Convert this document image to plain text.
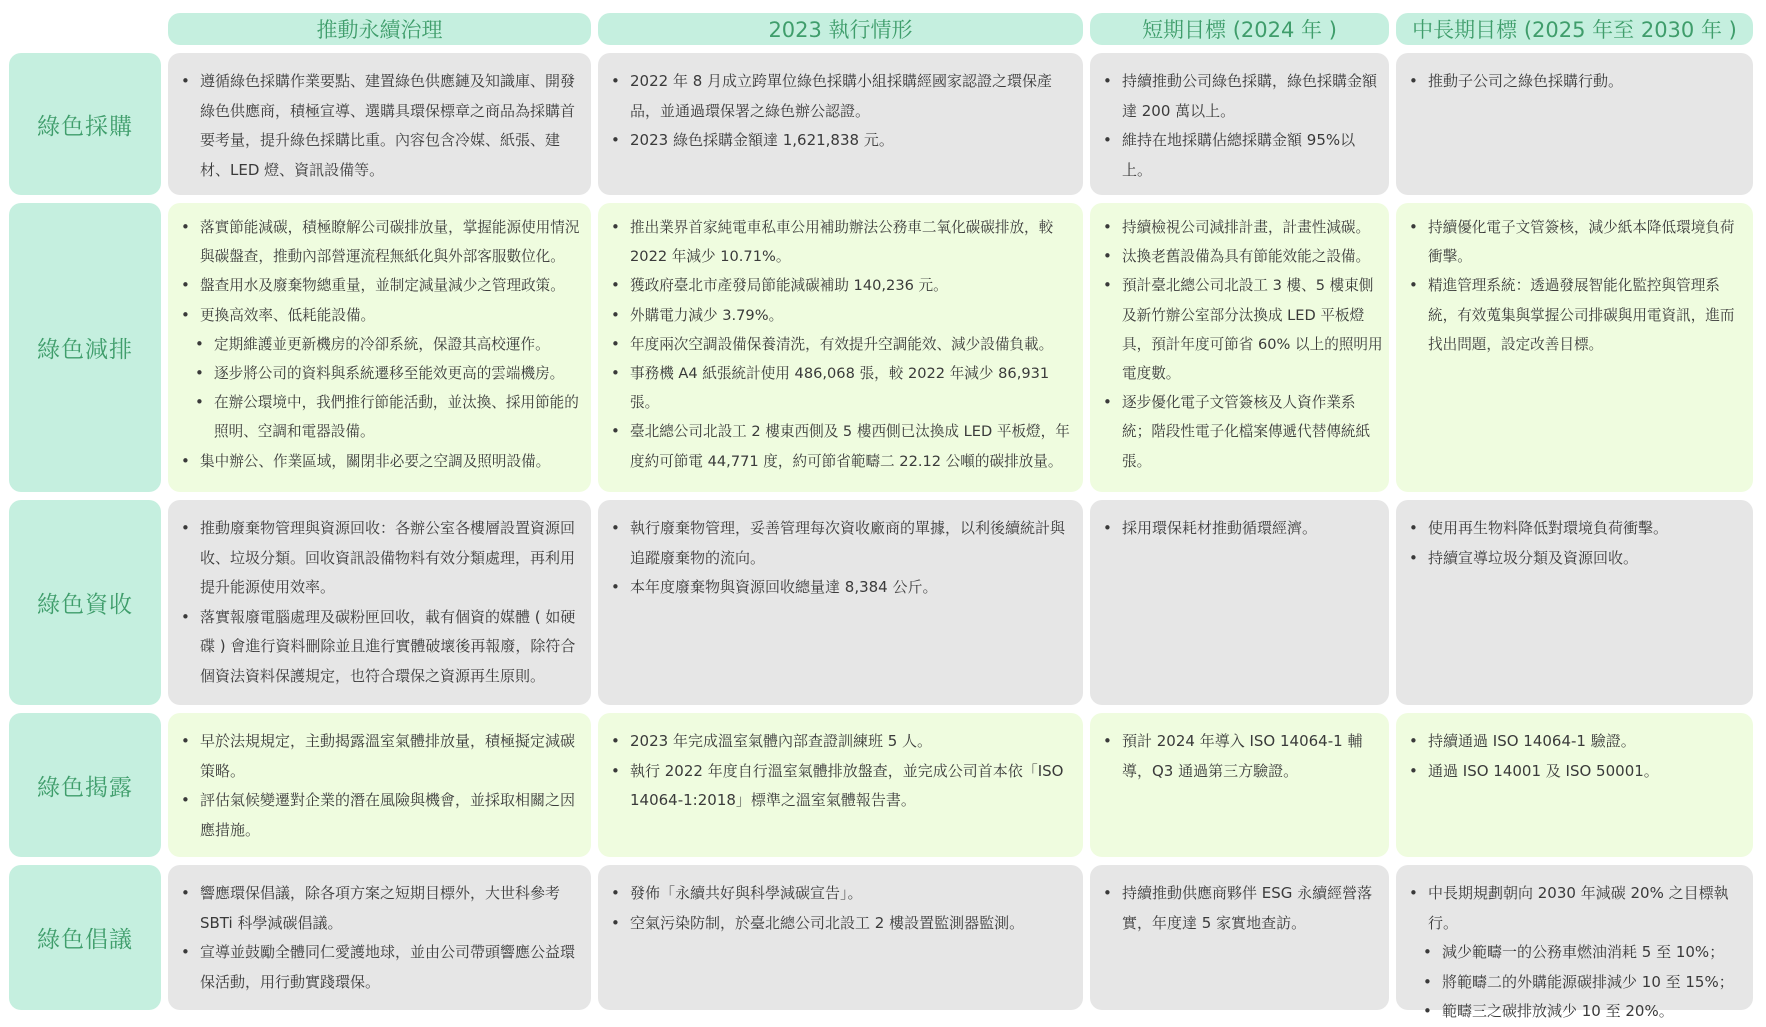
推動永續治理	2023 執行情形	短期目標 (2024 年 )	中長期目標 (2025 年至 2030 年 )
綠色採購
• 遵循綠色採購作業要點、建置綠色供應鏈及知識庫、開發綠色供應商，積極宣導、選購具環保標章之商品為採購首要考量，提升綠色採購比重。內容包含冷媒、紙張、建材、LED 燈、資訊設備等。
• 2022 年 8 月成立跨單位綠色採購小組採購經國家認證之環保產品，並通過環保署之綠色辦公認證。
• 2023 綠色採購金額達 1,621,838 元。
• 持續推動公司綠色採購，綠色採購金額達 200 萬以上。
• 維持在地採購佔總採購金額 95%以上。
• 推動子公司之綠色採購行動。
綠色減排
• 落實節能減碳，積極瞭解公司碳排放量，掌握能源使用情況與碳盤查，推動內部營運流程無紙化與外部客服數位化。
• 盤查用水及廢棄物總重量，並制定減量減少之管理政策。
• 更換高效率、低耗能設備。
• 定期維護並更新機房的冷卻系統，保證其高校運作。
• 逐步將公司的資料與系統遷移至能效更高的雲端機房。
• 在辦公環境中，我們推行節能活動，並汰換、採用節能的照明、空調和電器設備。
• 集中辦公、作業區域，關閉非必要之空調及照明設備。
• 推出業界首家純電車私車公用補助辦法公務車二氧化碳碳排放，較 2022 年減少 10.71%。
• 獲政府臺北市產發局節能減碳補助 140,236 元。
• 外購電力減少 3.79%。
• 年度兩次空調設備保養清洗，有效提升空調能效、減少設備負載。
• 事務機 A4 紙張統計使用 486,068 張，較 2022 年減少 86,931 張。
• 臺北總公司北設工 2 樓東西側及 5 樓西側已汰換成 LED 平板燈，年度約可節電 44,771 度，約可節省範疇二 22.12 公噸的碳排放量。
• 持續檢視公司減排計畫，計畫性減碳。
• 汰換老舊設備為具有節能效能之設備。
• 預計臺北總公司北設工 3 樓、5 樓東側及新竹辦公室部分汰換成 LED 平板燈具，預計年度可節省 60% 以上的照明用電度數。
• 逐步優化電子文管簽核及人資作業系統；階段性電子化檔案傳遞代替傳統紙張。
• 持續優化電子文管簽核，減少紙本降低環境負荷衝擊。
• 精進管理系統：透過發展智能化監控與管理系統，有效蒐集與掌握公司排碳與用電資訊，進而找出問題，設定改善目標。
綠色資收
• 推動廢棄物管理與資源回收：各辦公室各樓層設置資源回收、垃圾分類。回收資訊設備物料有效分類處理，再利用提升能源使用效率。
• 落實報廢電腦處理及碳粉匣回收，載有個資的媒體 ( 如硬碟 ) 會進行資料刪除並且進行實體破壞後再報廢，除符合個資法資料保護規定，也符合環保之資源再生原則。
• 執行廢棄物管理，妥善管理每次資收廠商的單據，以利後續統計與追蹤廢棄物的流向。
• 本年度廢棄物與資源回收總量達 8,384 公斤。
• 採用環保耗材推動循環經濟。
•	使用再生物料降低對環境負荷衝擊。
• 持續宣導垃圾分類及資源回收。
綠色揭露
• 早於法規規定，主動揭露溫室氣體排放量，積極擬定減碳策略。
• 評估氣候變遷對企業的潛在風險與機會，並採取相關之因應措施。
• 2023 年完成溫室氣體內部查證訓練班 5 人。
• 執行 2022 年度自行溫室氣體排放盤查，並完成公司首本依「ISO 14064-1:2018」標準之溫室氣體報告書。
• 預計 2024 年導入 ISO 14064-1 輔導，Q3 通過第三方驗證。
• 持續通過 ISO 14064-1 驗證。
• 通過 ISO 14001 及 ISO 50001。
綠色倡議
• 響應環保倡議，除各項方案之短期目標外，大世科參考 SBTi 科學減碳倡議。
• 宣導並鼓勵全體同仁愛護地球，並由公司帶頭響應公益環保活動，用行動實踐環保。
• 發佈「永續共好與科學減碳宣告」。
• 空氣污染防制，於臺北總公司北設工 2 樓設置監測器監測。
• 持續推動供應商夥伴 ESG 永續經營落實，年度達 5 家實地查訪。
• 中長期規劃朝向 2030 年減碳 20% 之目標執行。
• 減少範疇一的公務車燃油消耗 5 至 10%；
• 將範疇二的外購能源碳排減少 10 至 15%；
• 範疇三之碳排放減少 10 至 20%。
